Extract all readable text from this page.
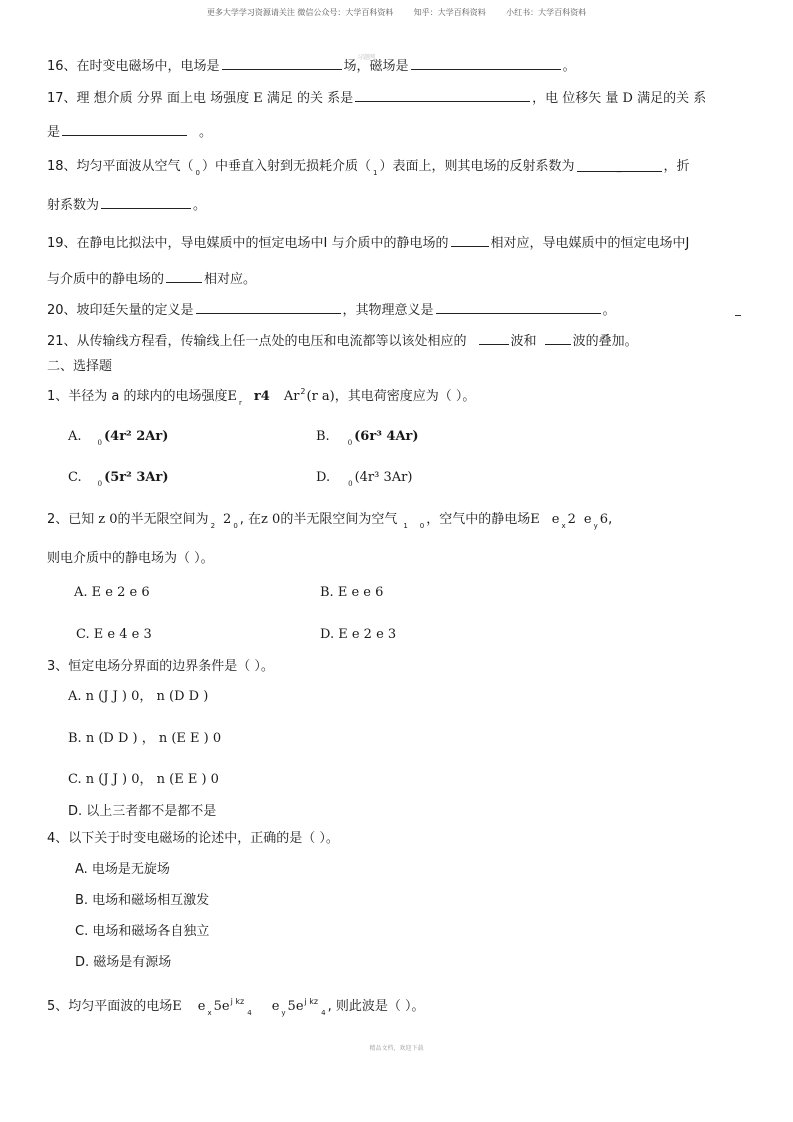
更多大学学习资源请关注 微信公众号：大学百科资料        知乎：大学百科资料        小红书：大学百科资料
习题网
16、在时变电磁场中，电场是	场，磁场是	。
17、理 想介质 分界 面上电 场强度 E 满足 的关 系是	，电 位移矢 量 D 满足的关 系
是	。
18、均匀平面波从空气（ $_0$ ）中垂直入射到无损耗介质（ $_1$ ）表面上，则其电场的反射系数为	_	，折
射系数为	。
19、在静电比拟法中，导电媒质中的恒定电场中I 与介质中的静电场的	相对应，导电媒质中的恒定电场中J
与介质中的静电场的	相对应。
20、坡印廷矢量的定义是	，其物理意义是	。
21、从传输线方程看，传输线上任一点处的电压和电流都等以该处相应的	波和	波的叠加。
二、选择题
1、半径为 a 的球内的电场强度E $_r$ r4 Ar$^2$(r a)，其电荷密度应为（ ）。
A. $_0$ (4r² 2Ar)	B.	$_0$ (6r³ 4Ar)
C. $_0$ (5r² 3Ar)	D.	$_0$ (4r³ 3Ar)
2、已知 z 0的半无限空间为 $_2$ 2 $_0$ , 在z 0的半无限空间为空气 $_1$ $_0$ ，空气中的静电场E e $_x$ 2 e $_y$ 6,
则电介质中的静电场为（ ）。
A. E e 2 e 6	B. E e e 6
C. E e 4 e 3	D. E e 2 e 3
3、恒定电场分界面的边界条件是（ ）。
A. n (J J ) 0， n (D D )
B. n (D D ) ， n (E E ) 0
C. n (J J ) 0， n (E E ) 0
D. 以上三者都不是都不是
4、以下关于时变电磁场的论述中，正确的是（ ）。
A. 电场是无旋场
B. 电场和磁场相互激发
C. 电场和磁场各自独立
D. 磁场是有源场
5、均匀平面波的电场E e $_x$ $5e^{j kz}_4$ e $_y$ $5e^{j kz}_4$ , 则此波是（ ）。
精品文档，欢迎下载
